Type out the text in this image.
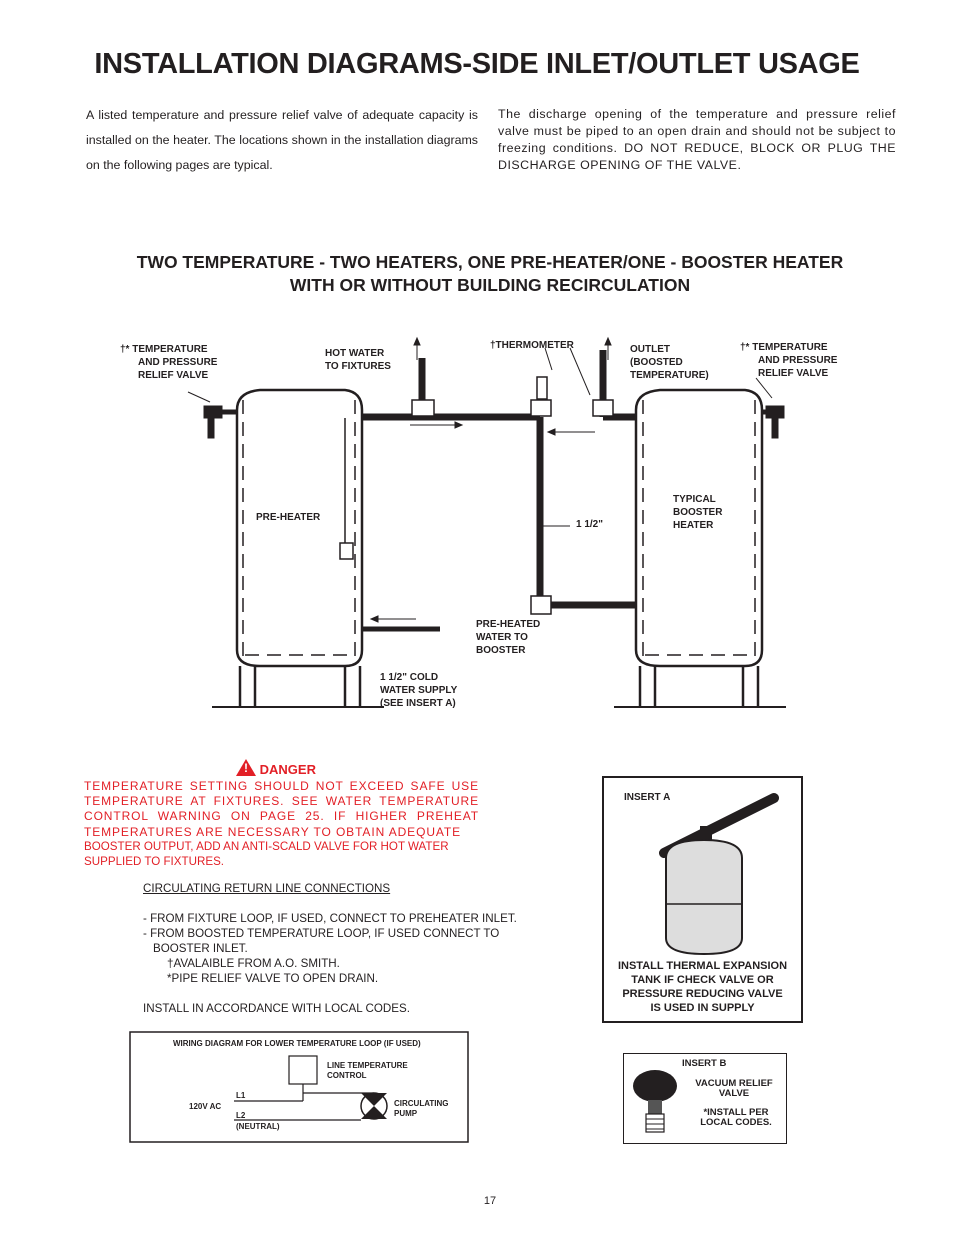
INSTALLATION DIAGRAMS-SIDE INLET/OUTLET USAGE
A listed temperature and pressure relief valve of adequate capacity is installed on the heater. The locations shown in the installation diagrams on the following pages are typical.
The discharge opening of the temperature and pressure relief valve must be piped to an open drain and should not be subject to freezing conditions. DO NOT REDUCE, BLOCK OR PLUG THE DISCHARGE OPENING OF THE VALVE.
TWO TEMPERATURE - TWO HEATERS, ONE PRE-HEATER/ONE - BOOSTER HEATER
WITH OR WITHOUT BUILDING RECIRCULATION
†* TEMPERATURE
AND PRESSURE
RELIEF VALVE
HOT WATER
TO FIXTURES
†THERMOMETER	OUTLET
(BOOSTED
TEMPERATURE)
†* TEMPERATURE
AND PRESSURE
RELIEF VALVE
PRE-HEATER
1 1/2"
TYPICAL
BOOSTER
HEATER
PRE-HEATED
WATER TO
BOOSTER
1 1/2" COLD
WATER SUPPLY
(SEE INSERT A)
! DANGER
TEMPERATURE SETTING SHOULD NOT EXCEED SAFE USE TEMPERATURE AT FIXTURES. SEE WATER TEMPERATURE CONTROL WARNING ON PAGE 25. IF HIGHER PREHEAT TEMPERATURES ARE NECESSARY TO OBTAIN ADEQUATE
BOOSTER OUTPUT, ADD AN ANTI-SCALD VALVE FOR HOT WATER
SUPPLIED TO FIXTURES.
CIRCULATING RETURN LINE CONNECTIONS
- FROM FIXTURE LOOP, IF USED, CONNECT TO PREHEATER INLET.
- FROM BOOSTED TEMPERATURE LOOP, IF USED CONNECT TO
BOOSTER INLET.
†AVALAIBLE FROM A.O. SMITH.
*PIPE RELIEF VALVE TO OPEN DRAIN.
INSTALL IN ACCORDANCE WITH LOCAL CODES.
INSERT A
INSTALL THERMAL EXPANSION
TANK IF CHECK VALVE OR
PRESSURE REDUCING VALVE
IS USED IN SUPPLY
WIRING DIAGRAM FOR LOWER TEMPERATURE LOOP (IF USED)
LINE TEMPERATURE
CONTROL
120V AC
L1
L2
(NEUTRAL)
CIRCULATING
PUMP
INSERT B
VACUUM RELIEF
VALVE
*INSTALL PER
LOCAL CODES.
17
